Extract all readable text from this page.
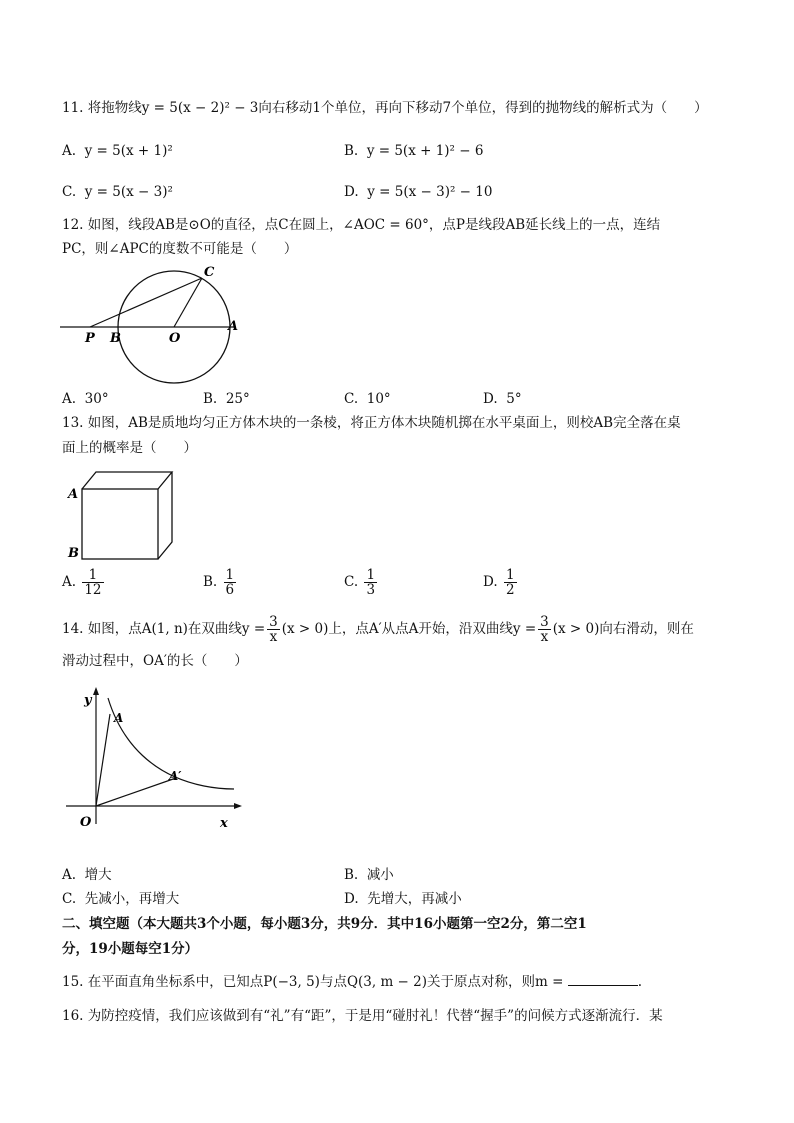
11. 将拖物线y = 5(x − 2)² − 3向右移动1个单位，再向下移动7个单位，得到的抛物线的解析式为（　　）
A. y = 5(x + 1)²	B. y = 5(x + 1)² − 6
C. y = 5(x − 3)²	D. y = 5(x − 3)² − 10
12. 如图，线段AB是⊙O的直径，点C在圆上，∠AOC = 60°，点P是线段AB延长线上的一点，连结
PC，则∠APC的度数不可能是（　　）
C
P B	O
A
A. 30°	B. 25°	C. 10°	D. 5°
13. 如图，AB是质地均匀正方体木块的一条棱，将正方体木块随机掷在水平桌面上，则校AB完全落在桌
面上的概率是（　　）
A
B
A. $\frac{1}{12}$	B. $\frac{1}{6}$	C. $\frac{1}{3}$	D. $\frac{1}{2}$
14. 如图，点A(1, n)在双曲线$y = \frac{3}{x} (x > 0)$上，点A′从点A开始，沿双曲线$y = \frac{3}{x} (x > 0)$向右滑动，则在
滑动过程中，OA′的长（　　）
y
A
A′
O	x
A. 增大	B. 减小
C. 先减小，再增大	D. 先增大，再减小
二、填空题（本大题共3个小题，每小题3分，共9分．其中16小题第一空2分，第二空1
分，19小题每空1分）
15. 在平面直角坐标系中，已知点P(−3, 5)与点Q(3, m − 2)关于原点对称，则m =	.
16. 为防控疫情，我们应该做到有“礼”有“距”，于是用“碰肘礼！代替“握手”的问候方式逐渐流行．某
